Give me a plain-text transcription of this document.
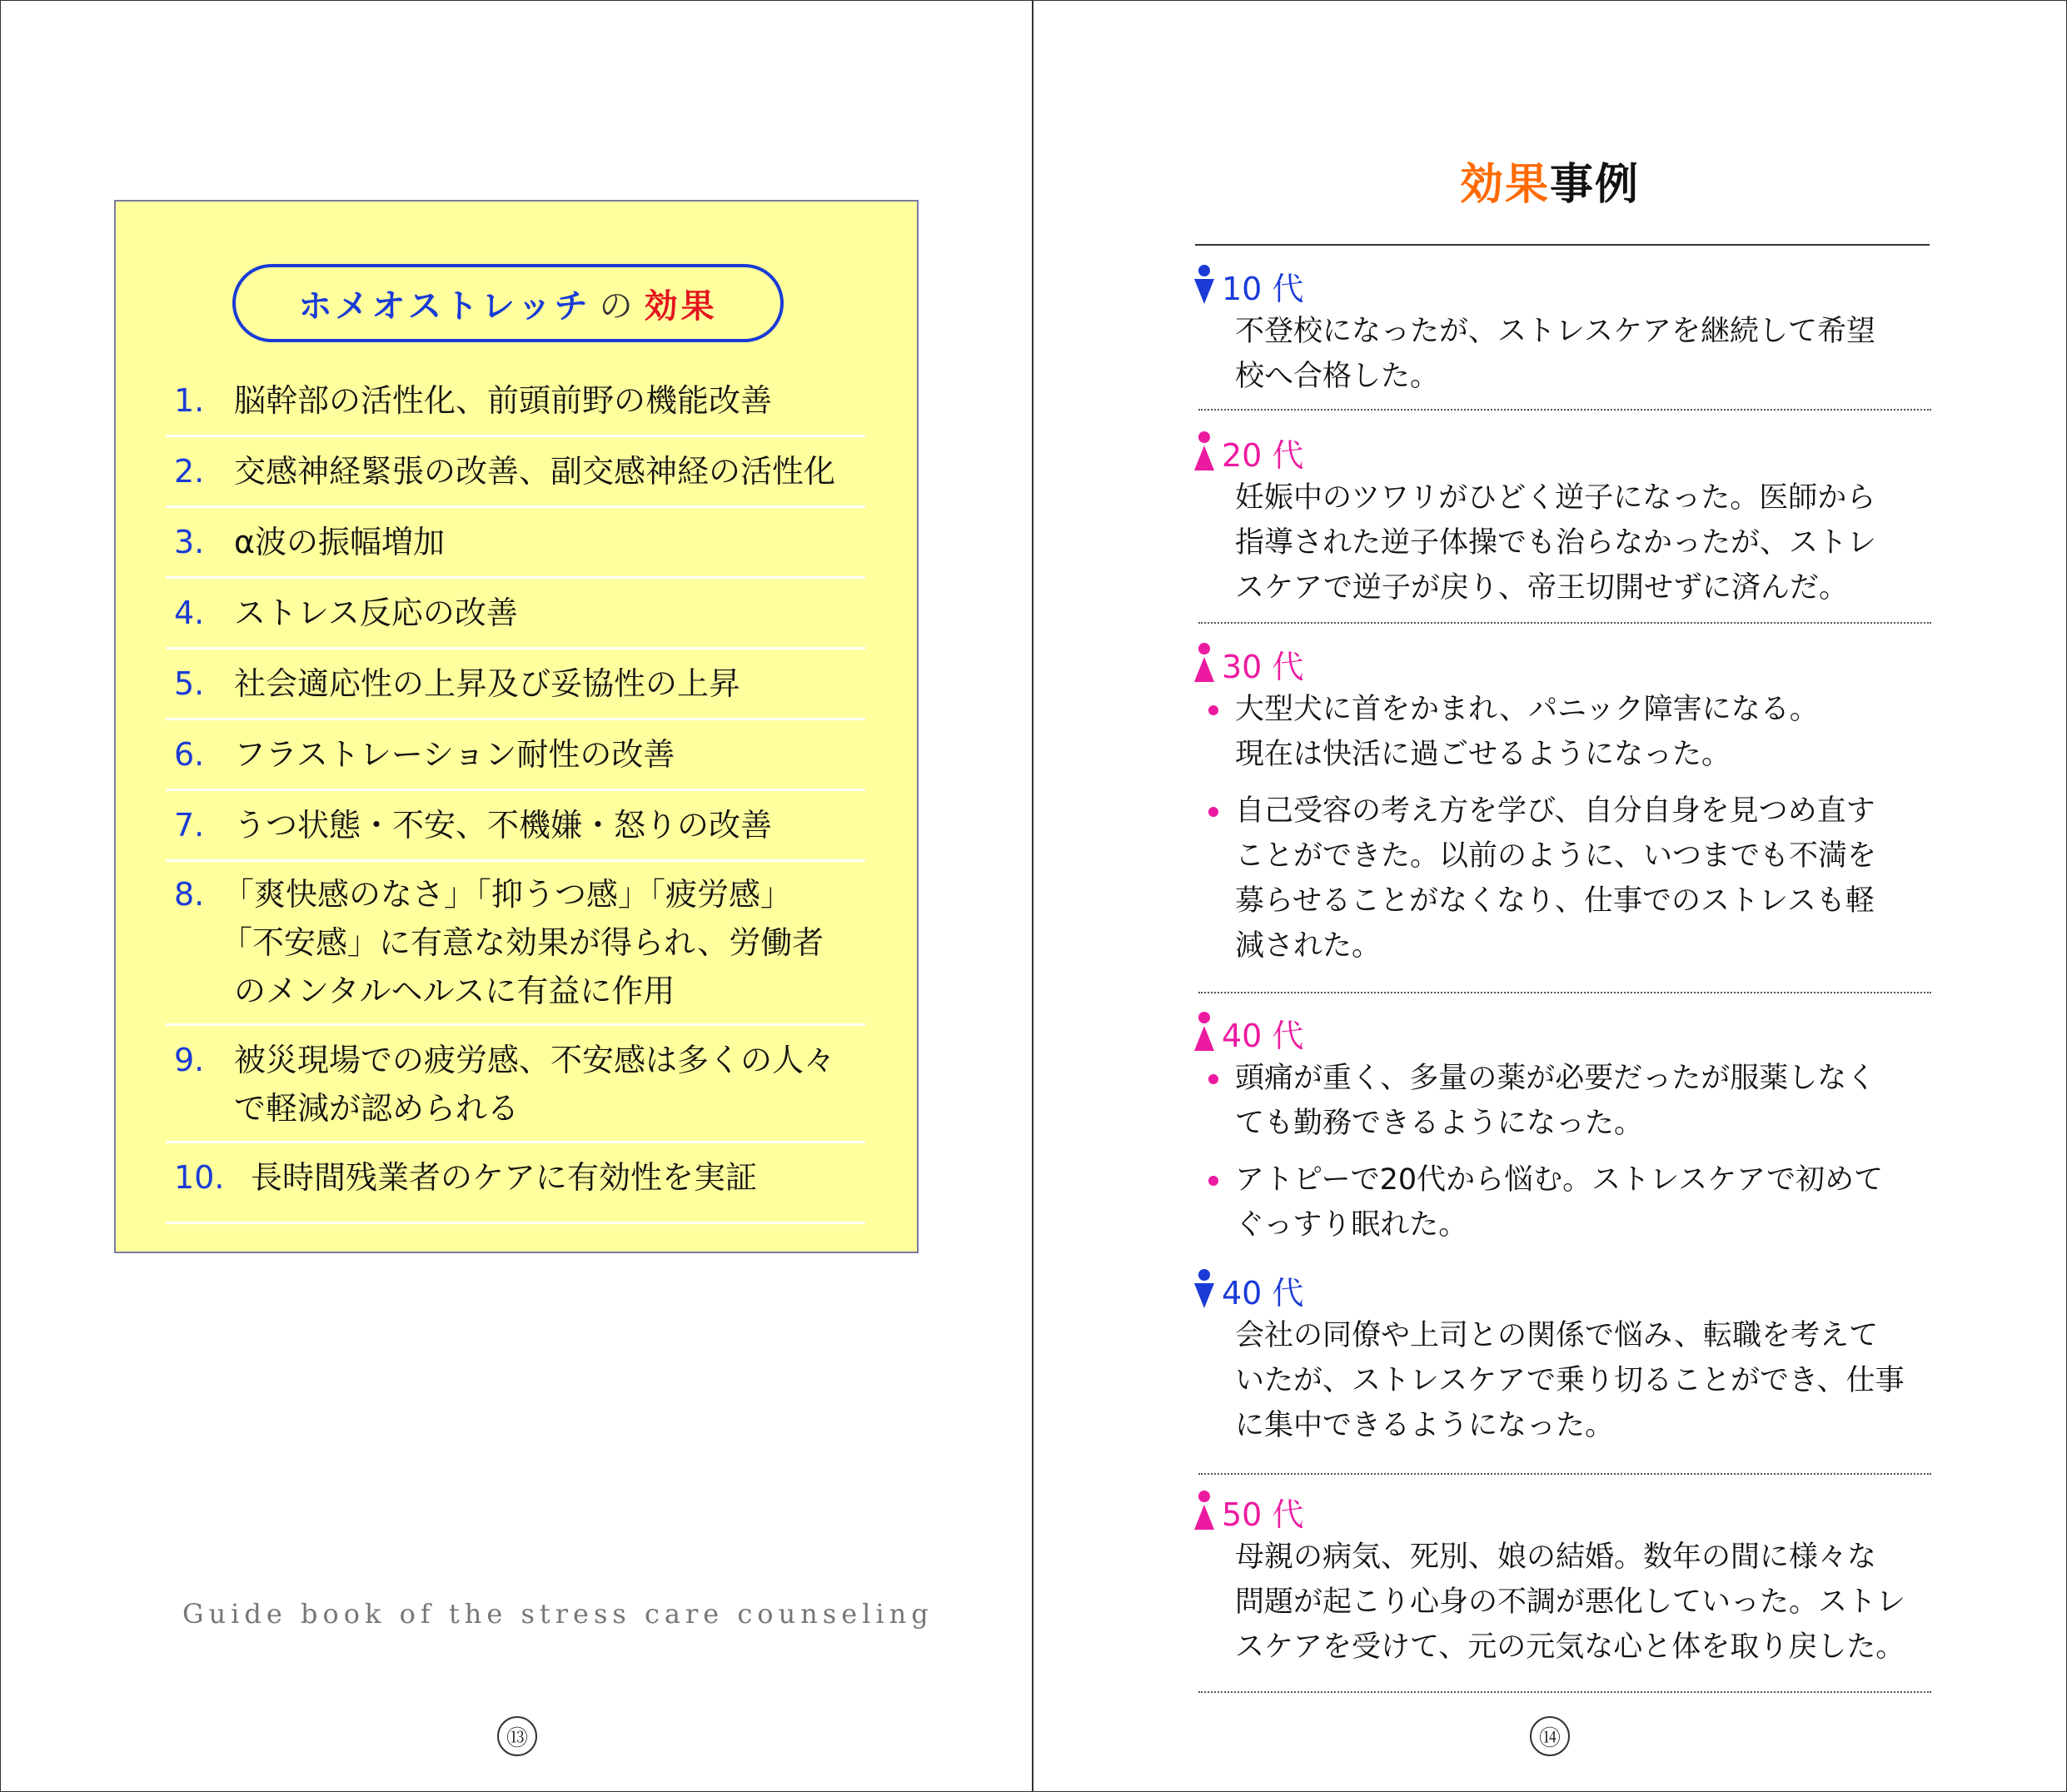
ホメオストレッチ の 効果
1. 脳幹部の活性化、前頭前野の機能改善
2. 交感神経緊張の改善、副交感神経の活性化
3. α波の振幅増加
4. ストレス反応の改善
5. 社会適応性の上昇及び妥協性の上昇
6. フラストレーション耐性の改善
7. うつ状態・不安、不機嫌・怒りの改善
8. 「爽快感のなさ」「抑うつ感」「疲労感」
「不安感」に有意な効果が得られ、労働者
のメンタルヘルスに有益に作用
9. 被災現場での疲労感、不安感は多くの人々
で軽減が認められる
10. 長時間残業者のケアに有効性を実証
Guide book of the stress care counseling
⑬
効果事例
10 代
不登校になったが、ストレスケアを継続して希望
校へ合格した。
20 代
妊娠中のツワリがひどく逆子になった。医師から
指導された逆子体操でも治らなかったが、ストレ
スケアで逆子が戻り、帝王切開せずに済んだ。
30 代
大型犬に首をかまれ、パニック障害になる。
現在は快活に過ごせるようになった。
自己受容の考え方を学び、自分自身を見つめ直す
ことができた。以前のように、いつまでも不満を
募らせることがなくなり、仕事でのストレスも軽
減された。
40 代
頭痛が重く、多量の薬が必要だったが服薬しなく
ても勤務できるようになった。
アトピーで20代から悩む。ストレスケアで初めて
ぐっすり眠れた。
40 代
会社の同僚や上司との関係で悩み、転職を考えて
いたが、ストレスケアで乗り切ることができ、仕事
に集中できるようになった。
50 代
母親の病気、死別、娘の結婚。数年の間に様々な
問題が起こり心身の不調が悪化していった。ストレ
スケアを受けて、元の元気な心と体を取り戻した。
⑭
